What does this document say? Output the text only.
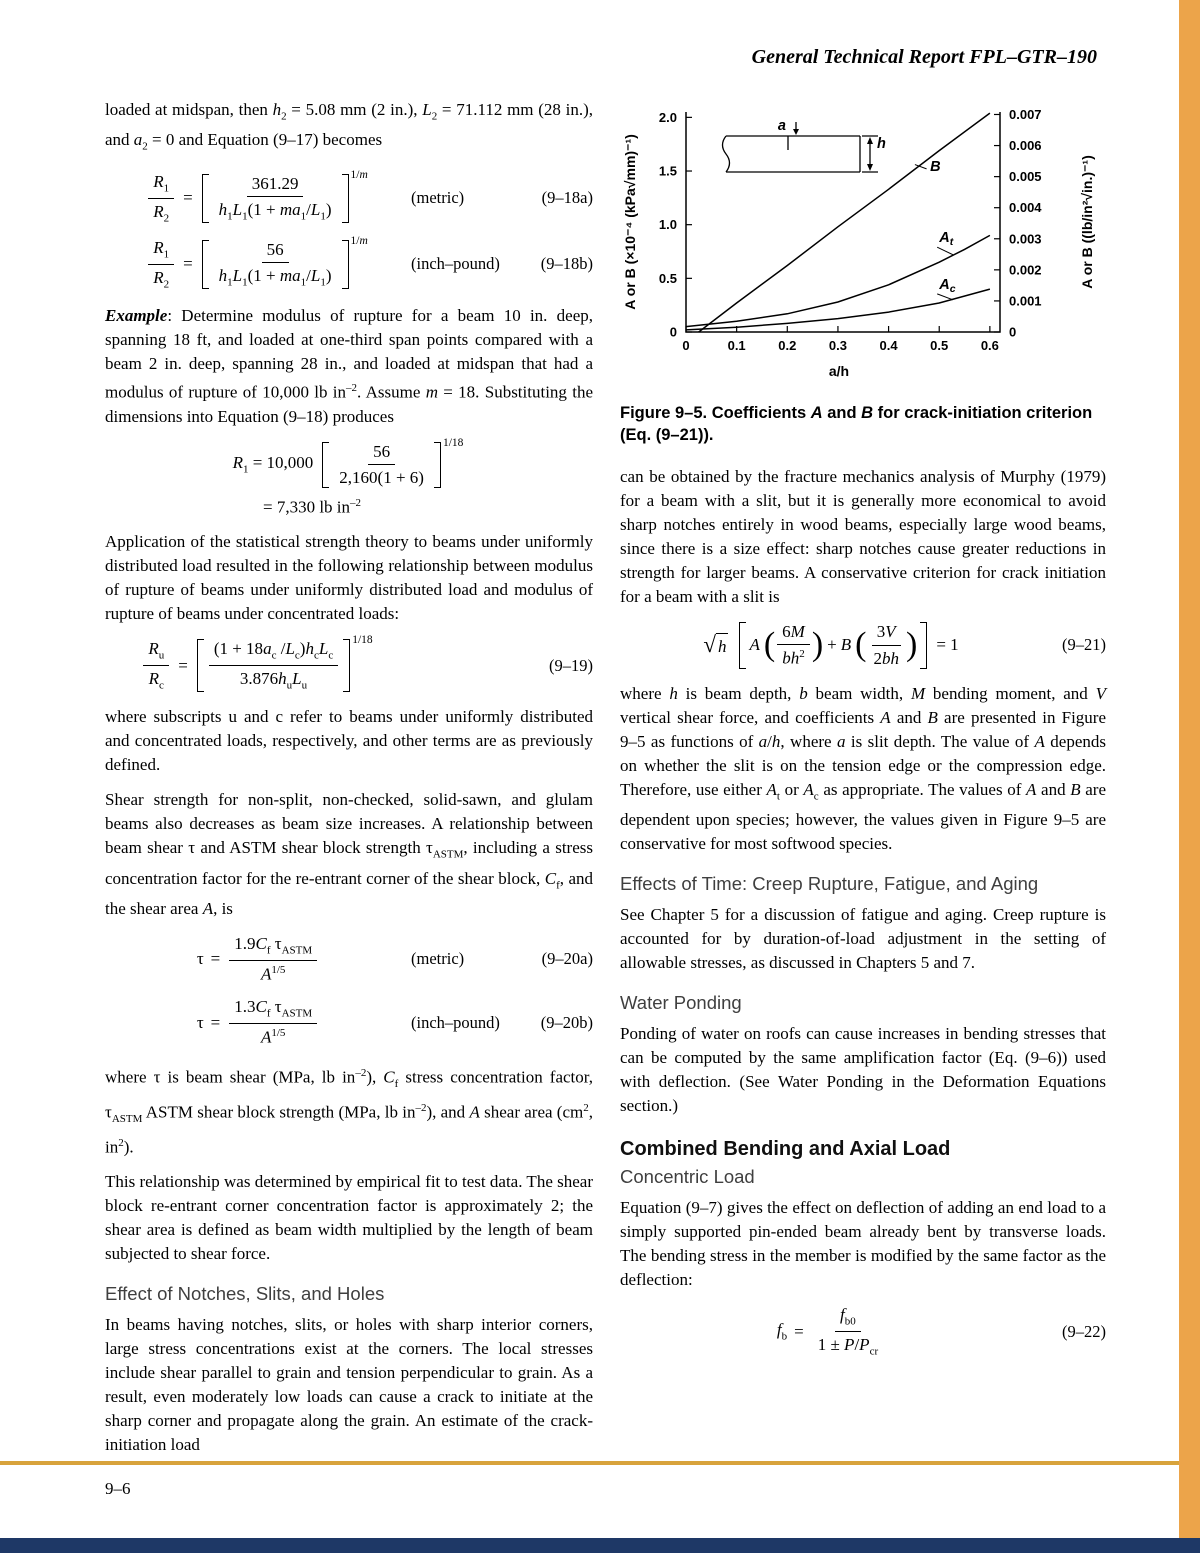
General Technical Report FPL–GTR–190
9–6

loaded at midspan, then $h_2 = 5.08$ mm (2 in.), $L_2 = 71.112$ mm (28 in.), and $a_2 = 0$ and Equation (9–17) becomes

$\frac{R_1}{R_2} = \frac{361.29}{h_1L_1(1 + ma_1/L_1)} 1/m$
(metric)	(9–18a)
$\frac{R_1}{R_2} = \frac{56}{h_1L_1(1 + ma_1/L_1)} 1/m$
(inch–pound)	(9–18b)

Example: Determine modulus of rupture for a beam 10 in. deep, spanning 18 ft, and loaded at one-third span points compared with a beam 2 in. deep, spanning 28 in., and loaded at midspan that had a modulus of rupture of 10,000 lb $in^{-2}$. Assume m = 18. Substituting the dimensions into Equation (9–18) produces

$R_1 = 10,000 \frac{56}{2,160(1 + 6)} 1/18$
= 7,330 lb $in^{-2}$

Application of the statistical strength theory to beams under uniformly distributed load resulted in the following relationship between modulus of rupture of beams under uniformly distributed load and modulus of rupture of beams under concentrated loads:

$\frac{R_u}{R_c} = \frac{(1 + 18a_c /L_c)h_cL_c}{3.876h_uL_u} 1/18$
(9–19)

where subscripts u and c refer to beams under uniformly distributed and concentrated loads, respectively, and other terms are as previously defined.

Shear strength for non-split, non-checked, solid-sawn, and glulam beams also decreases as beam size increases. A relationship between beam shear τ and ASTM shear block strength $\tau_{ASTM}$, including a stress concentration factor for the re-entrant corner of the shear block, $C_f$, and the shear area A, is

$\tau = \frac{1.9C_f \tau_{ASTM}}{A^{1/5}}$	(metric)	(9–20a)
$\tau = \frac{1.3C_f \tau_{ASTM}}{A^{1/5}}$	(inch–pound)	(9–20b)

where τ is beam shear (MPa, lb $in^{-2}$), $C_f$ stress concentration factor, $\tau_{ASTM}$ ASTM shear block strength (MPa, lb $in^{-2}$), and A shear area ($cm^2$, $in^2$).

This relationship was determined by empirical fit to test data. The shear block re-entrant corner concentration factor is approximately 2; the shear area is defined as beam width multiplied by the length of beam subjected to shear force.

Effect of Notches, Slits, and Holes

In beams having notches, slits, or holes with sharp interior corners, large stress concentrations exist at the corners. The local stresses include shear parallel to grain and tension perpendicular to grain. As a result, even moderately low loads can cause a crack to initiate at the sharp corner and propagate along the grain. An estimate of the crack-initiation load

0	0.1	0.2	0.3	0.4	0.5	0.6
0
0.5
1.0
1.5
2.0
0
0.001
0.002
0.003
0.004
0.005
0.006
0.007
B
$A_t$
$A_c$
a/h
A or B (×10⁻⁴ (kPa√mm)⁻¹)	A or B ((lb/in²√in.)⁻¹)
a
h

Figure 9–5. Coefficients A and B for crack-initiation criterion (Eq. (9–21)).

can be obtained by the fracture mechanics analysis of Murphy (1979) for a beam with a slit, but it is generally more economical to avoid sharp notches entirely in wood beams, especially large wood beams, since there is a size effect: sharp notches cause greater reductions in strength for larger beams. A conservative criterion for crack initiation for a beam with a slit is

√ h A ( $\frac{6M}{bh^2}$ ) + B ( $\frac{3V}{2bh}$ ) = 1	(9–21)

where h is beam depth, b beam width, M bending moment, and V vertical shear force, and coefficients A and B are presented in Figure 9–5 as functions of a/h, where a is slit depth. The value of A depends on whether the slit is on the tension edge or the compression edge. Therefore, use either $A_t$ or $A_c$ as appropriate. The values of A and B are dependent upon species; however, the values given in Figure 9–5 are conservative for most softwood species.

Effects of Time: Creep Rupture, Fatigue, and Aging

See Chapter 5 for a discussion of fatigue and aging. Creep rupture is accounted for by duration-of-load adjustment in the setting of allowable stresses, as discussed in Chapters 5 and 7.

Water Ponding

Ponding of water on roofs can cause increases in bending stresses that can be computed by the same amplification factor (Eq. (9–6)) used with deflection. (See Water Ponding in the Deformation Equations section.)

Combined Bending and Axial Load
Concentric Load

Equation (9–7) gives the effect on deflection of adding an end load to a simply supported pin-ended beam already bent by transverse loads. The bending stress in the member is modified by the same factor as the deflection:

$f_b = \frac{f_{b0}}{1 \pm P/P_{cr}}$	(9–22)
